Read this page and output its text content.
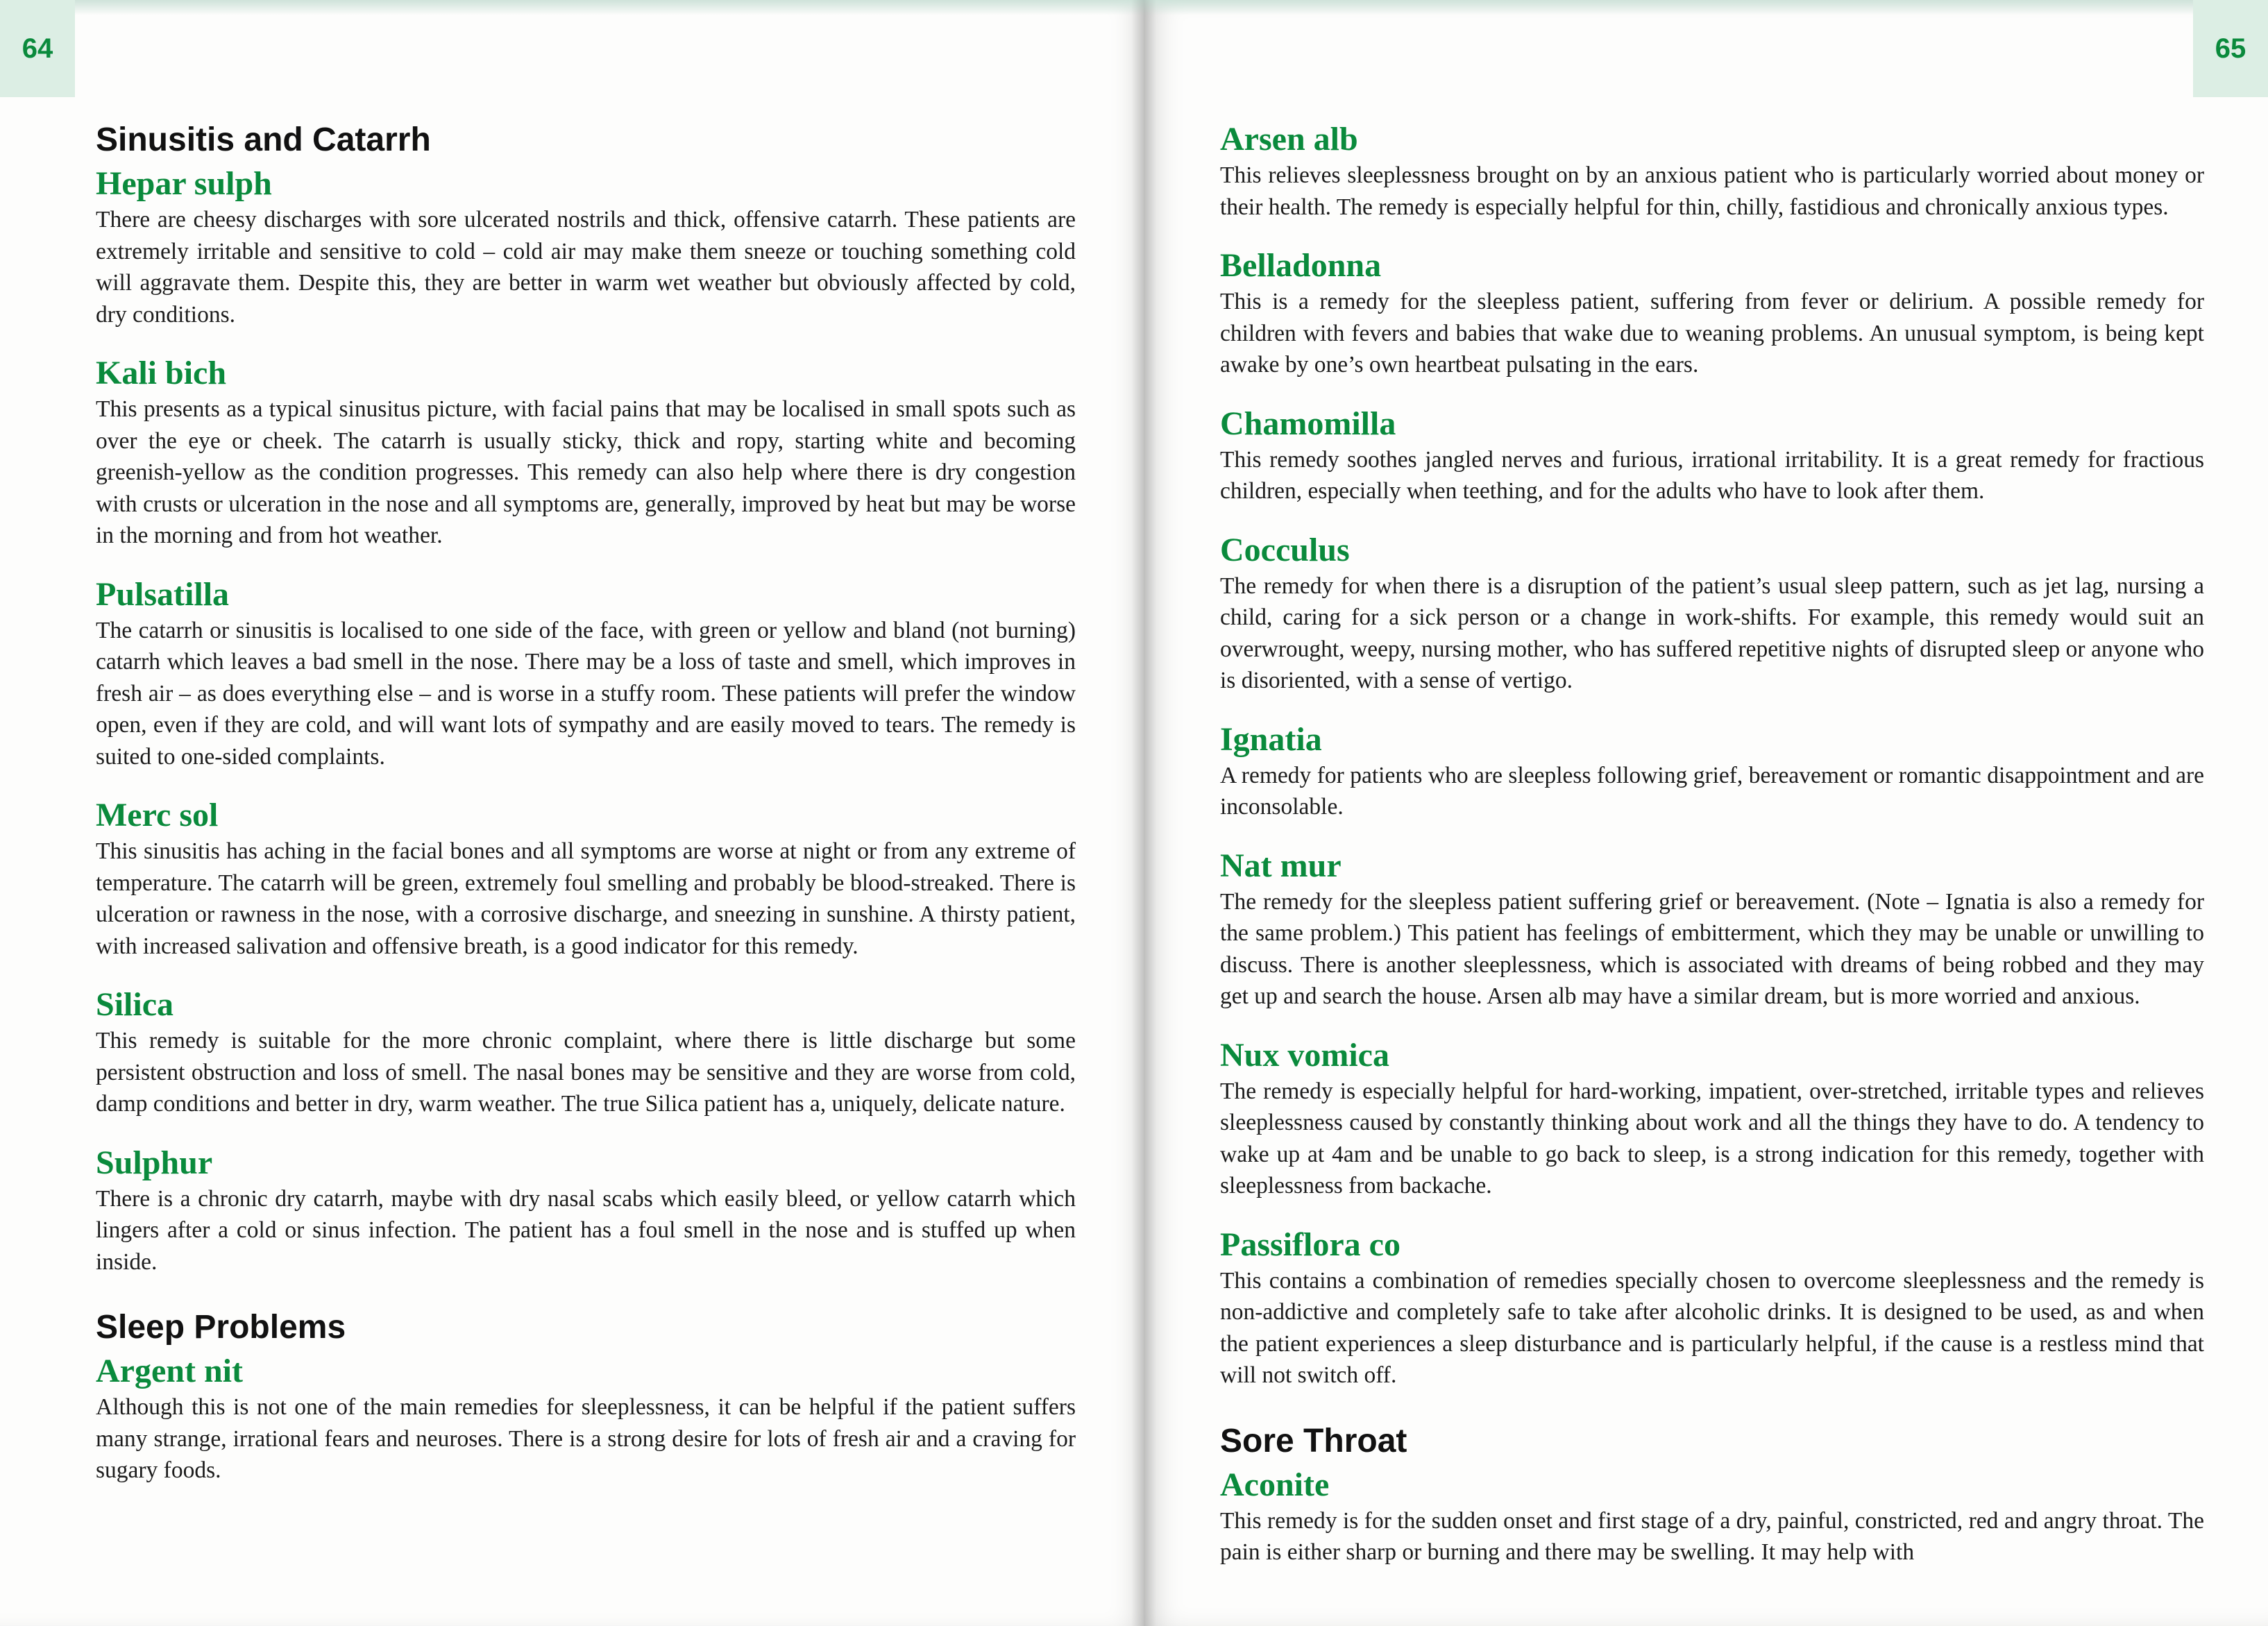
64
Sinusitis and Catarrh
Hepar sulph

There are cheesy discharges with sore ulcerated nostrils and thick, offensive catarrh. These patients are extremely irritable and sensitive to cold – cold air may make them sneeze or touching something cold will aggravate them. Despite this, they are better in warm wet weather but obviously affected by cold, dry conditions.

Kali bich

This presents as a typical sinusitus picture, with facial pains that may be localised in small spots such as over the eye or cheek. The catarrh is usually sticky, thick and ropy, starting white and becoming greenish-yellow as the condition progresses. This remedy can also help where there is dry congestion with crusts or ulceration in the nose and all symptoms are, generally, improved by heat but may be worse in the morning and from hot weather.

Pulsatilla

The catarrh or sinusitis is localised to one side of the face, with green or yellow and bland (not burning) catarrh which leaves a bad smell in the nose. There may be a loss of taste and smell, which improves in fresh air – as does everything else – and is worse in a stuffy room. These patients will prefer the window open, even if they are cold, and will want lots of sympathy and are easily moved to tears. The remedy is suited to one-sided complaints.

Merc sol

This sinusitis has aching in the facial bones and all symptoms are worse at night or from any extreme of temperature. The catarrh will be green, extremely foul smelling and probably be blood-streaked. There is ulceration or rawness in the nose, with a corrosive discharge, and sneezing in sunshine. A thirsty patient, with increased salivation and offensive breath, is a good indicator for this remedy.

Silica

This remedy is suitable for the more chronic complaint, where there is little discharge but some persistent obstruction and loss of smell. The nasal bones may be sensitive and they are worse from cold, damp conditions and better in dry, warm weather. The true Silica patient has a, uniquely, delicate nature.

Sulphur

There is a chronic dry catarrh, maybe with dry nasal scabs which easily bleed, or yellow catarrh which lingers after a cold or sinus infection. The patient has a foul smell in the nose and is stuffed up when inside.

Sleep Problems
Argent nit

Although this is not one of the main remedies for sleeplessness, it can be helpful if the patient suffers many strange, irrational fears and neuroses. There is a strong desire for lots of fresh air and a craving for sugary foods.

65
Arsen alb

This relieves sleeplessness brought on by an anxious patient who is particularly worried about money or their health. The remedy is especially helpful for thin, chilly, fastidious and chronically anxious types.

Belladonna

This is a remedy for the sleepless patient, suffering from fever or delirium. A possible remedy for children with fevers and babies that wake due to weaning problems. An unusual symptom, is being kept awake by one’s own heartbeat pulsating in the ears.

Chamomilla

This remedy soothes jangled nerves and furious, irrational irritability. It is a great remedy for fractious children, especially when teething, and for the adults who have to look after them.

Cocculus

The remedy for when there is a disruption of the patient’s usual sleep pattern, such as jet lag, nursing a child, caring for a sick person or a change in work-shifts. For example, this remedy would suit an overwrought, weepy, nursing mother, who has suffered repetitive nights of disrupted sleep or anyone who is disoriented, with a sense of vertigo.

Ignatia

A remedy for patients who are sleepless following grief, bereavement or romantic disappointment and are inconsolable.

Nat mur

The remedy for the sleepless patient suffering grief or bereavement. (Note – Ignatia is also a remedy for the same problem.) This patient has feelings of embitterment, which they may be unable or unwilling to discuss. There is another sleeplessness, which is associated with dreams of being robbed and they may get up and search the house. Arsen alb may have a similar dream, but is more worried and anxious.

Nux vomica

The remedy is especially helpful for hard-working, impatient, over-stretched, irritable types and relieves sleeplessness caused by constantly thinking about work and all the things they have to do. A tendency to wake up at 4am and be unable to go back to sleep, is a strong indication for this remedy, together with sleeplessness from backache.

Passiflora co

This contains a combination of remedies specially chosen to overcome sleeplessness and the remedy is non-addictive and completely safe to take after alcoholic drinks. It is designed to be used, as and when the patient experiences a sleep disturbance and is particularly helpful, if the cause is a restless mind that will not switch off.

Sore Throat
Aconite

This remedy is for the sudden onset and first stage of a dry, painful, constricted, red and angry throat. The pain is either sharp or burning and there may be swelling. It may help with
